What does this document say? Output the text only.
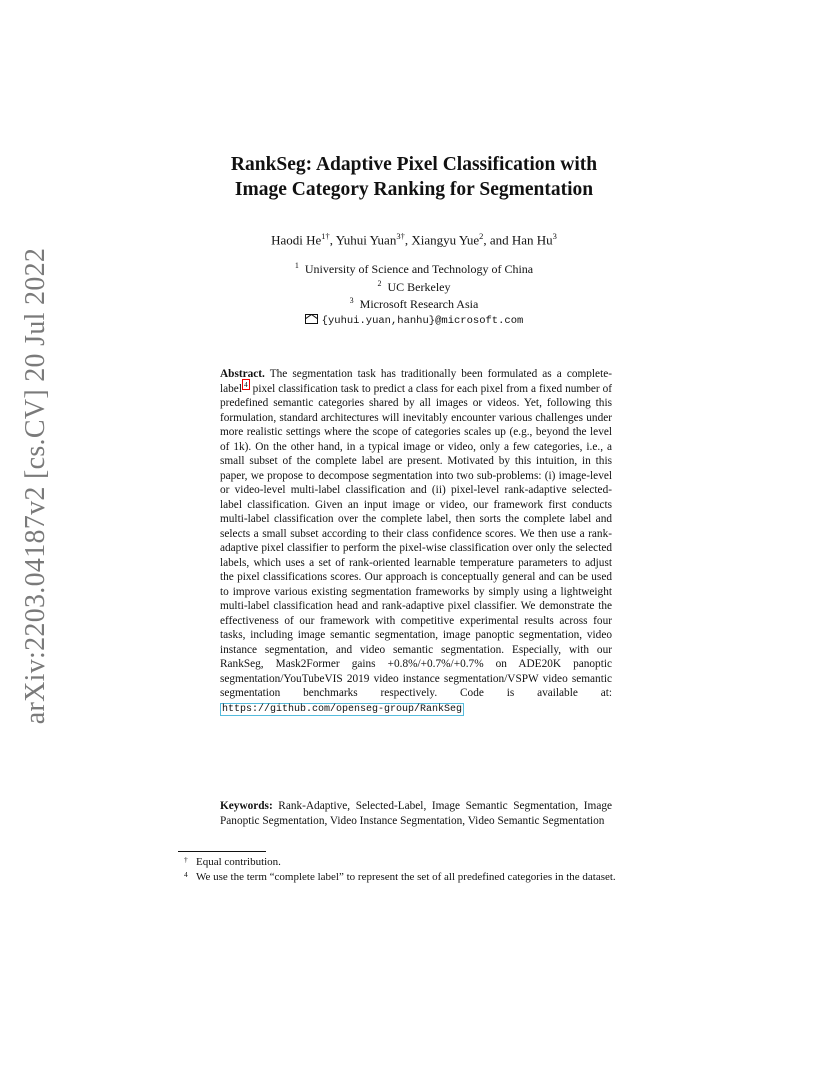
arXiv:2203.04187v2 [cs.CV] 20 Jul 2022
RankSeg: Adaptive Pixel Classification with
Image Category Ranking for Segmentation
Haodi $He^{1\dagger}$, Yuhui Yuan$^{3\dagger}$, Xiangyu Yue$^2$, and Han Hu$^3$
$^1$ University of Science and Technology of China
$^2$ UC Berkeley
$^3$ Microsoft Research Asia
{yuhui.yuan,hanhu}@microsoft.com
Abstract. The segmentation task has traditionally been formulated as a complete-label $^4$ pixel classification task to predict a class for each pixel from a fixed number of predefined semantic categories shared by all images or videos. Yet, following this formulation, standard architectures will inevitably encounter various challenges under more realistic settings where the scope of categories scales up (e.g., beyond the level of 1k). On the other hand, in a typical image or video, only a few categories, i.e., a small subset of the complete label are present. Motivated by this intuition, in this paper, we propose to decompose segmentation into two sub-problems: (i) image-level or video-level multi-label classification and (ii) pixel-level rank-adaptive selected-label classification. Given an input image or video, our framework first conducts multi-label classification over the complete label, then sorts the complete label and selects a small subset according to their class confidence scores. We then use a rank-adaptive pixel classifier to perform the pixel-wise classification over only the selected labels, which uses a set of rank-oriented learnable temperature parameters to adjust the pixel classifications scores. Our approach is conceptually general and can be used to improve various existing segmentation frameworks by simply using a lightweight multi-label classification head and rank-adaptive pixel classifier. We demonstrate the effectiveness of our framework with competitive experimental results across four tasks, including image semantic segmentation, image panoptic segmentation, video instance segmentation, and video semantic segmentation. Especially, with our RankSeg, Mask2Former gains +0.8%/+0.7%/+0.7% on ADE20K panoptic segmentation/YouTubeVIS 2019 video instance segmentation/VSPW video semantic segmentation benchmarks respectively. Code is available at: https://github.com/openseg-group/RankSeg
Keywords: Rank-Adaptive, Selected-Label, Image Semantic Segmentation, Image Panoptic Segmentation, Video Instance Segmentation, Video Semantic Segmentation
† Equal contribution.
4 We use the term “complete label” to represent the set of all predefined categories in the dataset.
